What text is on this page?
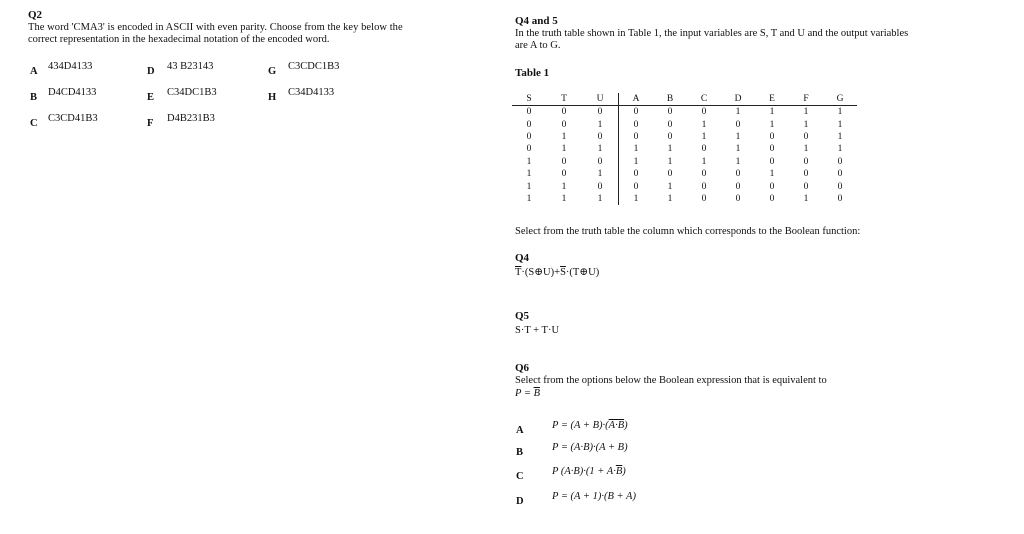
Q2
The word 'CMA3' is encoded in ASCII with even parity. Choose from the key below the
correct representation in the hexadecimal notation of the encoded word.
A 434D4133	D 43 B23143	G C3CDC1B3
B D4CD4133	E C34DC1B3	H C34D4133
C C3CD41B3	F D4B231B3
Q4 and 5
In the truth table shown in Table 1, the input variables are S, T and U and the output variables
are A to G.
Table 1
S	T	U	A	B	C	D	E	F	G
0	0	0	0	0	0	1	1	1	1
0	0	1	0	0	1	0	1	1	1
0	1	0	0	0	1	1	0	0	1
0	1	1	1	1	0	1	0	1	1
1	0	0	1	1	1	1	0	0	0
1	0	1	0	0	0	0	1	0	0
1	1	0	0	1	0	0	0	0	0
1	1	1	1	1	0	0	0	1	0
Select from the truth table the column which corresponds to the Boolean function:
Q4
$\overline{T}\cdot(S\oplus U)+\overline{S}\cdot(T\oplus U)$
Q5
S·T + T·U
Q6
Select from the options below the Boolean expression that is equivalent to
$P = \overline{B}$
A	P = (A + B)·(A·B)
B	P = (A·B)·(A + B)
C	P $(A\cdot B)\cdot(1 + A\cdot\overline{B})$
D	P = (A + 1)·(B + A)
